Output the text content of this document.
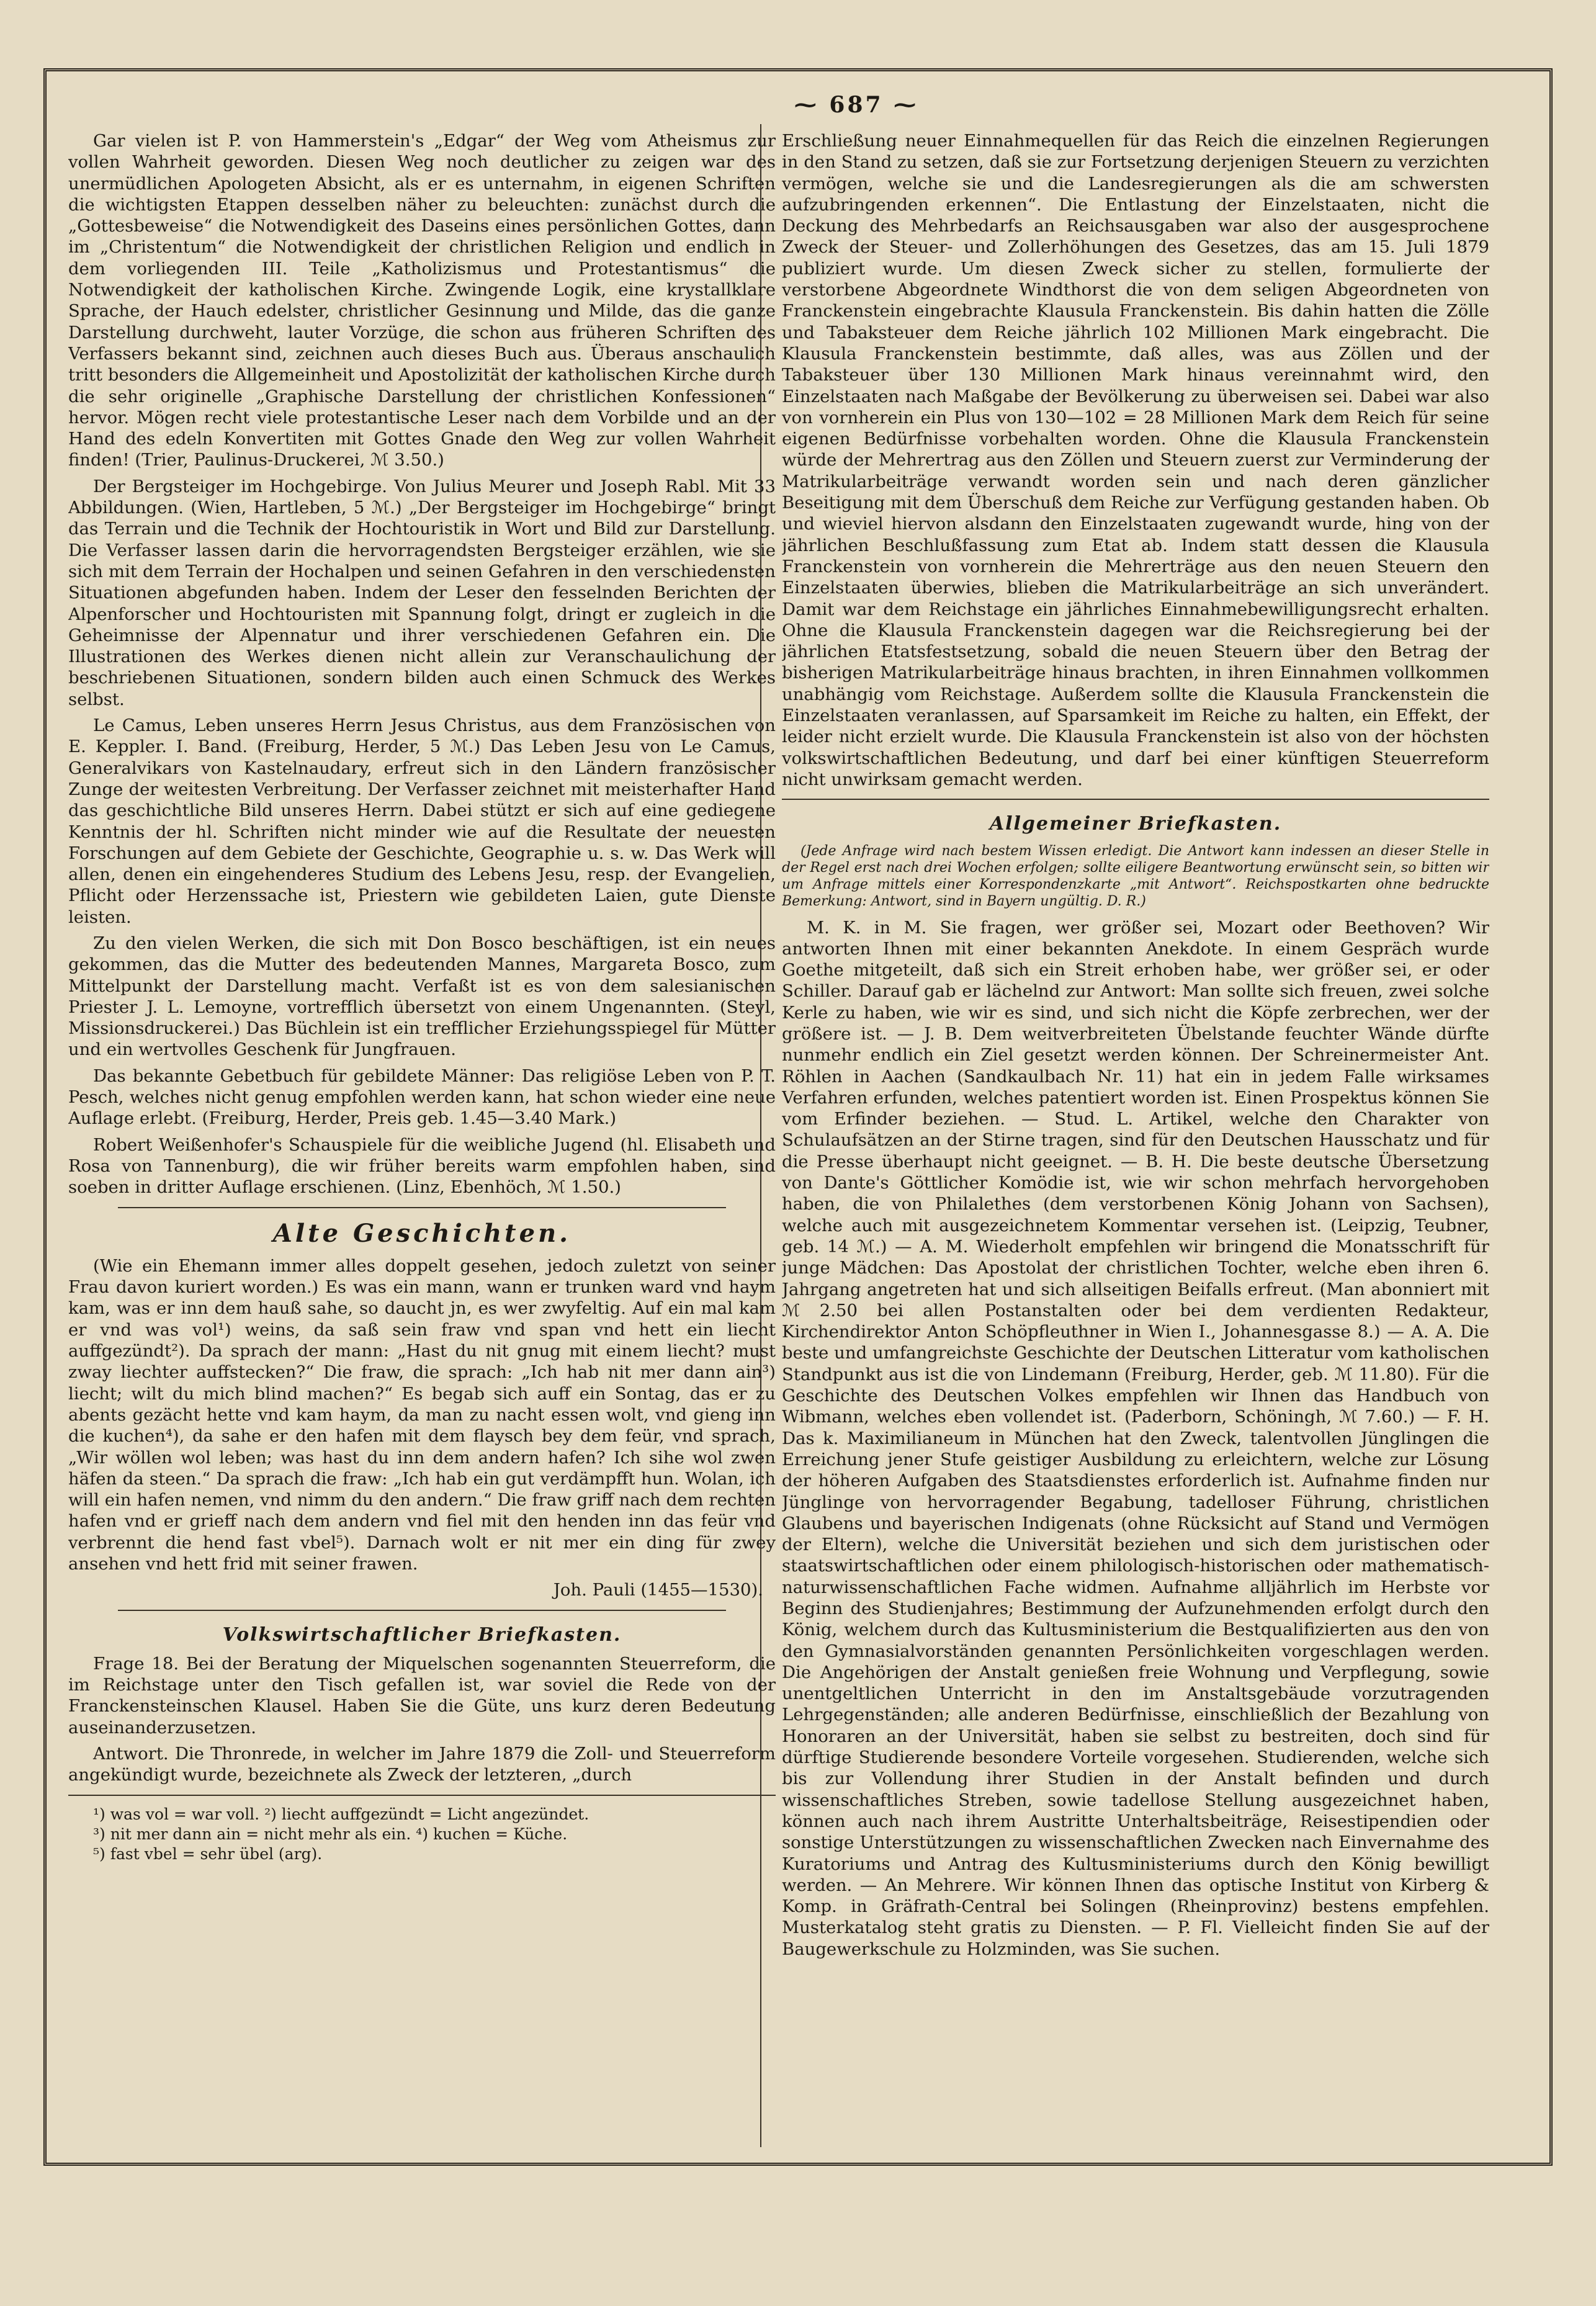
⁓ 687 ⁓

Gar vielen ist P. von Hammerstein's „Edgar“ der Weg vom Atheismus zur vollen Wahrheit geworden. Diesen Weg noch deutlicher zu zeigen war des unermüdlichen Apologeten Absicht, als er es unternahm, in eigenen Schriften die wichtigsten Etappen desselben näher zu beleuchten: zunächst durch die „Gottesbeweise“ die Notwendigkeit des Daseins eines persönlichen Gottes, dann im „Christentum“ die Notwendigkeit der christlichen Religion und endlich in dem vorliegenden III. Teile „Katholizismus und Protestantismus“ die Notwendigkeit der katholischen Kirche. Zwingende Logik, eine krystallklare Sprache, der Hauch edelster, christlicher Gesinnung und Milde, das die ganze Darstellung durchweht, lauter Vorzüge, die schon aus früheren Schriften des Verfassers bekannt sind, zeichnen auch dieses Buch aus. Überaus anschaulich tritt besonders die Allgemeinheit und Apostolizität der katholischen Kirche durch die sehr originelle „Graphische Darstellung der christlichen Konfessionen“ hervor. Mögen recht viele protestantische Leser nach dem Vorbilde und an der Hand des edeln Konvertiten mit Gottes Gnade den Weg zur vollen Wahrheit finden! (Trier, Paulinus-Druckerei, ℳ 3.50.)

Der Bergsteiger im Hochgebirge. Von Julius Meurer und Joseph Rabl. Mit 33 Abbildungen. (Wien, Hartleben, 5 ℳ.) „Der Bergsteiger im Hochgebirge“ bringt das Terrain und die Technik der Hochtouristik in Wort und Bild zur Darstellung. Die Verfasser lassen darin die hervorragendsten Bergsteiger erzählen, wie sie sich mit dem Terrain der Hochalpen und seinen Gefahren in den verschiedensten Situationen abgefunden haben. Indem der Leser den fesselnden Berichten der Alpenforscher und Hochtouristen mit Spannung folgt, dringt er zugleich in die Geheimnisse der Alpennatur und ihrer verschiedenen Gefahren ein. Die Illustrationen des Werkes dienen nicht allein zur Veranschaulichung der beschriebenen Situationen, sondern bilden auch einen Schmuck des Werkes selbst.

Le Camus, Leben unseres Herrn Jesus Christus, aus dem Französischen von E. Keppler. I. Band. (Freiburg, Herder, 5 ℳ.) Das Leben Jesu von Le Camus, Generalvikars von Kastelnaudary, erfreut sich in den Ländern französischer Zunge der weitesten Verbreitung. Der Verfasser zeichnet mit meisterhafter Hand das geschichtliche Bild unseres Herrn. Dabei stützt er sich auf eine gediegene Kenntnis der hl. Schriften nicht minder wie auf die Resultate der neuesten Forschungen auf dem Gebiete der Geschichte, Geographie u. s. w. Das Werk will allen, denen ein eingehenderes Studium des Lebens Jesu, resp. der Evangelien, Pflicht oder Herzenssache ist, Priestern wie gebildeten Laien, gute Dienste leisten.

Zu den vielen Werken, die sich mit Don Bosco beschäftigen, ist ein neues gekommen, das die Mutter des bedeutenden Mannes, Margareta Bosco, zum Mittelpunkt der Darstellung macht. Verfaßt ist es von dem salesianischen Priester J. L. Lemoyne, vortrefflich übersetzt von einem Ungenannten. (Steyl, Missionsdruckerei.) Das Büchlein ist ein trefflicher Erziehungsspiegel für Mütter und ein wertvolles Geschenk für Jungfrauen.

Das bekannte Gebetbuch für gebildete Männer: Das religiöse Leben von P. T. Pesch, welches nicht genug empfohlen werden kann, hat schon wieder eine neue Auflage erlebt. (Freiburg, Herder, Preis geb. 1.45—3.40 Mark.)

Robert Weißenhofer's Schauspiele für die weibliche Jugend (hl. Elisabeth und Rosa von Tannenburg), die wir früher bereits warm empfohlen haben, sind soeben in dritter Auflage erschienen. (Linz, Ebenhöch, ℳ 1.50.)

Alte Geschichten.

(Wie ein Ehemann immer alles doppelt gesehen, jedoch zuletzt von seiner Frau davon kuriert worden.) Es was ein mann, wann er trunken ward vnd haym kam, was er inn dem hauß sahe, so daucht jn, es wer zwyfeltig. Auf ein mal kam er vnd was vol¹) weins, da saß sein fraw vnd span vnd hett ein liecht auffgezündt²). Da sprach der mann: „Hast du nit gnug mit einem liecht? must zway liechter auffstecken?“ Die fraw, die sprach: „Ich hab nit mer dann ain³) liecht; wilt du mich blind machen?“ Es begab sich auff ein Sontag, das er zu abents gezächt hette vnd kam haym, da man zu nacht essen wolt, vnd gieng inn die kuchen⁴), da sahe er den hafen mit dem flaysch bey dem feür, vnd sprach, „Wir wöllen wol leben; was hast du inn dem andern hafen? Ich sihe wol zwen häfen da steen.“ Da sprach die fraw: „Ich hab ein gut verdämpfft hun. Wolan, ich will ein hafen nemen, vnd nimm du den andern.“ Die fraw griff nach dem rechten hafen vnd er grieff nach dem andern vnd fiel mit den henden inn das feür vnd verbrennt die hend fast vbel⁵). Darnach wolt er nit mer ein ding für zwey ansehen vnd hett frid mit seiner frawen.

Joh. Pauli (1455—1530).
Volkswirtschaftlicher Briefkasten.

Frage 18. Bei der Beratung der Miquelschen sogenannten Steuerreform, die im Reichstage unter den Tisch gefallen ist, war soviel die Rede von der Franckensteinschen Klausel. Haben Sie die Güte, uns kurz deren Bedeutung auseinanderzusetzen.

Antwort. Die Thronrede, in welcher im Jahre 1879 die Zoll- und Steuerreform angekündigt wurde, bezeichnete als Zweck der letzteren, „durch

¹) was vol = war voll. ²) liecht auffgezündt = Licht angezündet.
³) nit mer dann ain = nicht mehr als ein. ⁴) kuchen = Küche.
⁵) fast vbel = sehr übel (arg).

Erschließung neuer Einnahmequellen für das Reich die einzelnen Regierungen in den Stand zu setzen, daß sie zur Fortsetzung derjenigen Steuern zu verzichten vermögen, welche sie und die Landesregierungen als die am schwersten aufzubringenden erkennen“. Die Entlastung der Einzelstaaten, nicht die Deckung des Mehrbedarfs an Reichsausgaben war also der ausgesprochene Zweck der Steuer- und Zollerhöhungen des Gesetzes, das am 15. Juli 1879 publiziert wurde. Um diesen Zweck sicher zu stellen, formulierte der verstorbene Abgeordnete Windthorst die von dem seligen Abgeordneten von Franckenstein eingebrachte Klausula Franckenstein. Bis dahin hatten die Zölle und Tabaksteuer dem Reiche jährlich 102 Millionen Mark eingebracht. Die Klausula Franckenstein bestimmte, daß alles, was aus Zöllen und der Tabaksteuer über 130 Millionen Mark hinaus vereinnahmt wird, den Einzelstaaten nach Maßgabe der Bevölkerung zu überweisen sei. Dabei war also von vornherein ein Plus von 130—102 = 28 Millionen Mark dem Reich für seine eigenen Bedürfnisse vorbehalten worden. Ohne die Klausula Franckenstein würde der Mehrertrag aus den Zöllen und Steuern zuerst zur Verminderung der Matrikularbeiträge verwandt worden sein und nach deren gänzlicher Beseitigung mit dem Überschuß dem Reiche zur Verfügung gestanden haben. Ob und wieviel hiervon alsdann den Einzelstaaten zugewandt wurde, hing von der jährlichen Beschlußfassung zum Etat ab. Indem statt dessen die Klausula Franckenstein von vornherein die Mehrerträge aus den neuen Steuern den Einzelstaaten überwies, blieben die Matrikularbeiträge an sich unverändert. Damit war dem Reichstage ein jährliches Einnahmebewilligungsrecht erhalten. Ohne die Klausula Franckenstein dagegen war die Reichsregierung bei der jährlichen Etatsfestsetzung, sobald die neuen Steuern über den Betrag der bisherigen Matrikularbeiträge hinaus brachten, in ihren Einnahmen vollkommen unabhängig vom Reichstage. Außerdem sollte die Klausula Franckenstein die Einzelstaaten veranlassen, auf Sparsamkeit im Reiche zu halten, ein Effekt, der leider nicht erzielt wurde. Die Klausula Franckenstein ist also von der höchsten volkswirtschaftlichen Bedeutung, und darf bei einer künftigen Steuerreform nicht unwirksam gemacht werden.

Allgemeiner Briefkasten.

(Jede Anfrage wird nach bestem Wissen erledigt. Die Antwort kann indessen an dieser Stelle in der Regel erst nach drei Wochen erfolgen; sollte eiligere Beantwortung erwünscht sein, so bitten wir um Anfrage mittels einer Korrespondenzkarte „mit Antwort“. Reichspostkarten ohne bedruckte Bemerkung: Antwort, sind in Bayern ungültig. D. R.)

M. K. in M. Sie fragen, wer größer sei, Mozart oder Beethoven? Wir antworten Ihnen mit einer bekannten Anekdote. In einem Gespräch wurde Goethe mitgeteilt, daß sich ein Streit erhoben habe, wer größer sei, er oder Schiller. Darauf gab er lächelnd zur Antwort: Man sollte sich freuen, zwei solche Kerle zu haben, wie wir es sind, und sich nicht die Köpfe zerbrechen, wer der größere ist. — J. B. Dem weitverbreiteten Übelstande feuchter Wände dürfte nunmehr endlich ein Ziel gesetzt werden können. Der Schreinermeister Ant. Röhlen in Aachen (Sandkaulbach Nr. 11) hat ein in jedem Falle wirksames Verfahren erfunden, welches patentiert worden ist. Einen Prospektus können Sie vom Erfinder beziehen. — Stud. L. Artikel, welche den Charakter von Schulaufsätzen an der Stirne tragen, sind für den Deutschen Hausschatz und für die Presse überhaupt nicht geeignet. — B. H. Die beste deutsche Übersetzung von Dante's Göttlicher Komödie ist, wie wir schon mehrfach hervorgehoben haben, die von Philalethes (dem verstorbenen König Johann von Sachsen), welche auch mit ausgezeichnetem Kommentar versehen ist. (Leipzig, Teubner, geb. 14 ℳ.) — A. M. Wiederholt empfehlen wir bringend die Monatsschrift für junge Mädchen: Das Apostolat der christlichen Tochter, welche eben ihren 6. Jahrgang angetreten hat und sich allseitigen Beifalls erfreut. (Man abonniert mit ℳ 2.50 bei allen Postanstalten oder bei dem verdienten Redakteur, Kirchendirektor Anton Schöpfleuthner in Wien I., Johannesgasse 8.) — A. A. Die beste und umfangreichste Geschichte der Deutschen Litteratur vom katholischen Standpunkt aus ist die von Lindemann (Freiburg, Herder, geb. ℳ 11.80). Für die Geschichte des Deutschen Volkes empfehlen wir Ihnen das Handbuch von Wibmann, welches eben vollendet ist. (Paderborn, Schöningh, ℳ 7.60.) — F. H. Das k. Maximilianeum in München hat den Zweck, talentvollen Jünglingen die Erreichung jener Stufe geistiger Ausbildung zu erleichtern, welche zur Lösung der höheren Aufgaben des Staatsdienstes erforderlich ist. Aufnahme finden nur Jünglinge von hervorragender Begabung, tadelloser Führung, christlichen Glaubens und bayerischen Indigenats (ohne Rücksicht auf Stand und Vermögen der Eltern), welche die Universität beziehen und sich dem juristischen oder staatswirtschaftlichen oder einem philologisch-historischen oder mathematisch-naturwissenschaftlichen Fache widmen. Aufnahme alljährlich im Herbste vor Beginn des Studienjahres; Bestimmung der Aufzunehmenden erfolgt durch den König, welchem durch das Kultusministerium die Bestqualifizierten aus den von den Gymnasialvorständen genannten Persönlichkeiten vorgeschlagen werden. Die Angehörigen der Anstalt genießen freie Wohnung und Verpflegung, sowie unentgeltlichen Unterricht in den im Anstaltsgebäude vorzutragenden Lehrgegenständen; alle anderen Bedürfnisse, einschließlich der Bezahlung von Honoraren an der Universität, haben sie selbst zu bestreiten, doch sind für dürftige Studierende besondere Vorteile vorgesehen. Studierenden, welche sich bis zur Vollendung ihrer Studien in der Anstalt befinden und durch wissenschaftliches Streben, sowie tadellose Stellung ausgezeichnet haben, können auch nach ihrem Austritte Unterhaltsbeiträge, Reisestipendien oder sonstige Unterstützungen zu wissenschaftlichen Zwecken nach Einvernahme des Kuratoriums und Antrag des Kultusministeriums durch den König bewilligt werden. — An Mehrere. Wir können Ihnen das optische Institut von Kirberg & Komp. in Gräfrath-Central bei Solingen (Rheinprovinz) bestens empfehlen. Musterkatalog steht gratis zu Diensten. — P. Fl. Vielleicht finden Sie auf der Baugewerkschule zu Holzminden, was Sie suchen.
